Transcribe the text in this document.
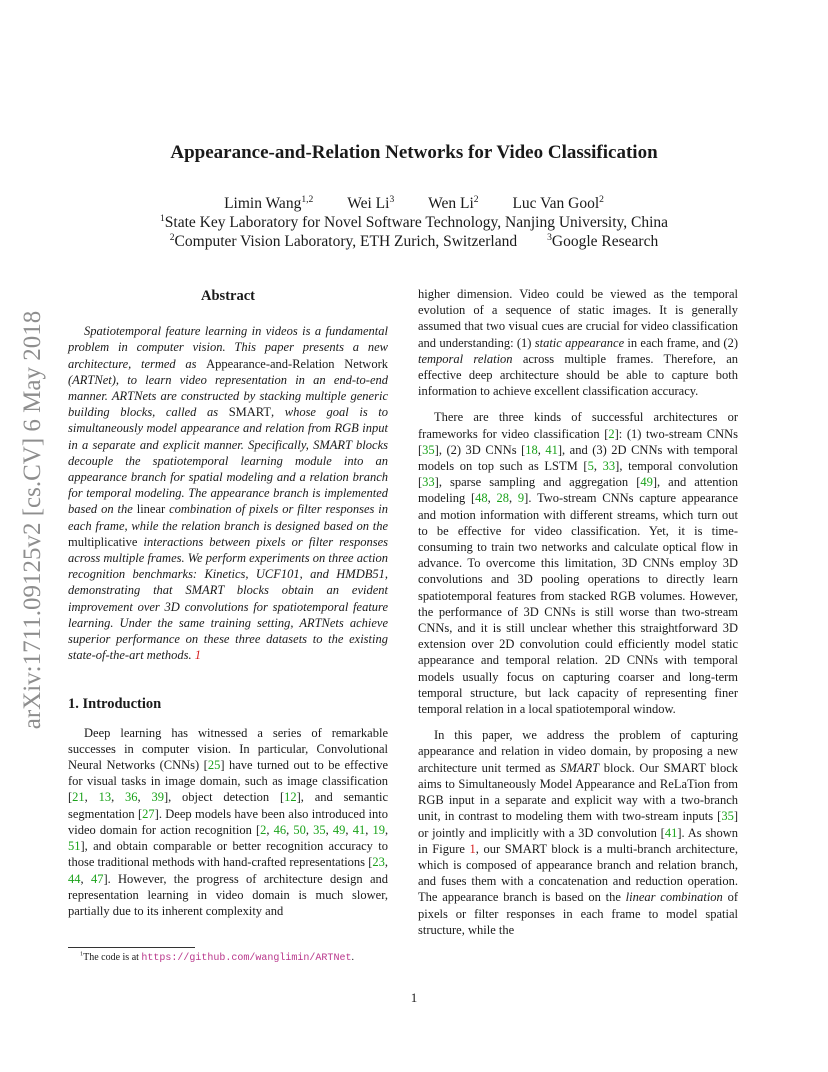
arXiv:1711.09125v2 [cs.CV] 6 May 2018
Appearance-and-Relation Networks for Video Classification
Limin Wang$^{1,2}$ Wei Li$^3$ Wen Li$^2$ Luc Van Gool$^2$
$^1$State Key Laboratory for Novel Software Technology, Nanjing University, China
$^2$Computer Vision Laboratory, ETH Zurich, Switzerland	$^3$Google Research
Abstract

Spatiotemporal feature learning in videos is a fundamental problem in computer vision. This paper presents a new architecture, termed as Appearance-and-Relation Network (ARTNet), to learn video representation in an end-to-end manner. ARTNets are constructed by stacking multiple generic building blocks, called as SMART, whose goal is to simultaneously model appearance and relation from RGB input in a separate and explicit manner. Specifically, SMART blocks decouple the spatiotemporal learning module into an appearance branch for spatial modeling and a relation branch for temporal modeling. The appearance branch is implemented based on the linear combination of pixels or filter responses in each frame, while the relation branch is designed based on the multiplicative interactions between pixels or filter responses across multiple frames. We perform experiments on three action recognition benchmarks: Kinetics, UCF101, and HMDB51, demonstrating that SMART blocks obtain an evident improvement over 3D convolutions for spatiotemporal feature learning. Under the same training setting, ARTNets achieve superior performance on these three datasets to the existing state-of-the-art methods. 1

1. Introduction

Deep learning has witnessed a series of remarkable successes in computer vision. In particular, Convolutional Neural Networks (CNNs) [25] have turned out to be effective for visual tasks in image domain, such as image classification [21, 13, 36, 39], object detection [12], and semantic segmentation [27]. Deep models have been also introduced into video domain for action recognition [2, 46, 50, 35, 49, 41, 19, 51], and obtain comparable or better recognition accuracy to those traditional methods with hand-crafted representations [23, 44, 47]. However, the progress of architecture design and representation learning in video domain is much slower, partially due to its inherent complexity and

higher dimension. Video could be viewed as the temporal evolution of a sequence of static images. It is generally assumed that two visual cues are crucial for video classification and understanding: (1) static appearance in each frame, and (2) temporal relation across multiple frames. Therefore, an effective deep architecture should be able to capture both information to achieve excellent classification accuracy.

There are three kinds of successful architectures or frameworks for video classification [2]: (1) two-stream CNNs [35], (2) 3D CNNs [18, 41], and (3) 2D CNNs with temporal models on top such as LSTM [5, 33], temporal convolution [33], sparse sampling and aggregation [49], and attention modeling [48, 28, 9]. Two-stream CNNs capture appearance and motion information with different streams, which turn out to be effective for video classification. Yet, it is time-consuming to train two networks and calculate optical flow in advance. To overcome this limitation, 3D CNNs employ 3D convolutions and 3D pooling operations to directly learn spatiotemporal features from stacked RGB volumes. However, the performance of 3D CNNs is still worse than two-stream CNNs, and it is still unclear whether this straightforward 3D extension over 2D convolution could efficiently model static appearance and temporal relation. 2D CNNs with temporal models usually focus on capturing coarser and long-term temporal structure, but lack capacity of representing finer temporal relation in a local spatiotemporal window.

In this paper, we address the problem of capturing appearance and relation in video domain, by proposing a new architecture unit termed as SMART block. Our SMART block aims to Simultaneously Model Appearance and ReLaTion from RGB input in a separate and explicit way with a two-branch unit, in contrast to modeling them with two-stream inputs [35] or jointly and implicitly with a 3D convolution [41]. As shown in Figure 1, our SMART block is a multi-branch architecture, which is composed of appearance branch and relation branch, and fuses them with a concatenation and reduction operation. The appearance branch is based on the linear combination of pixels or filter responses in each frame to model spatial structure, while the

$^1$The code is at https://github.com/wanglimin/ARTNet.
1
